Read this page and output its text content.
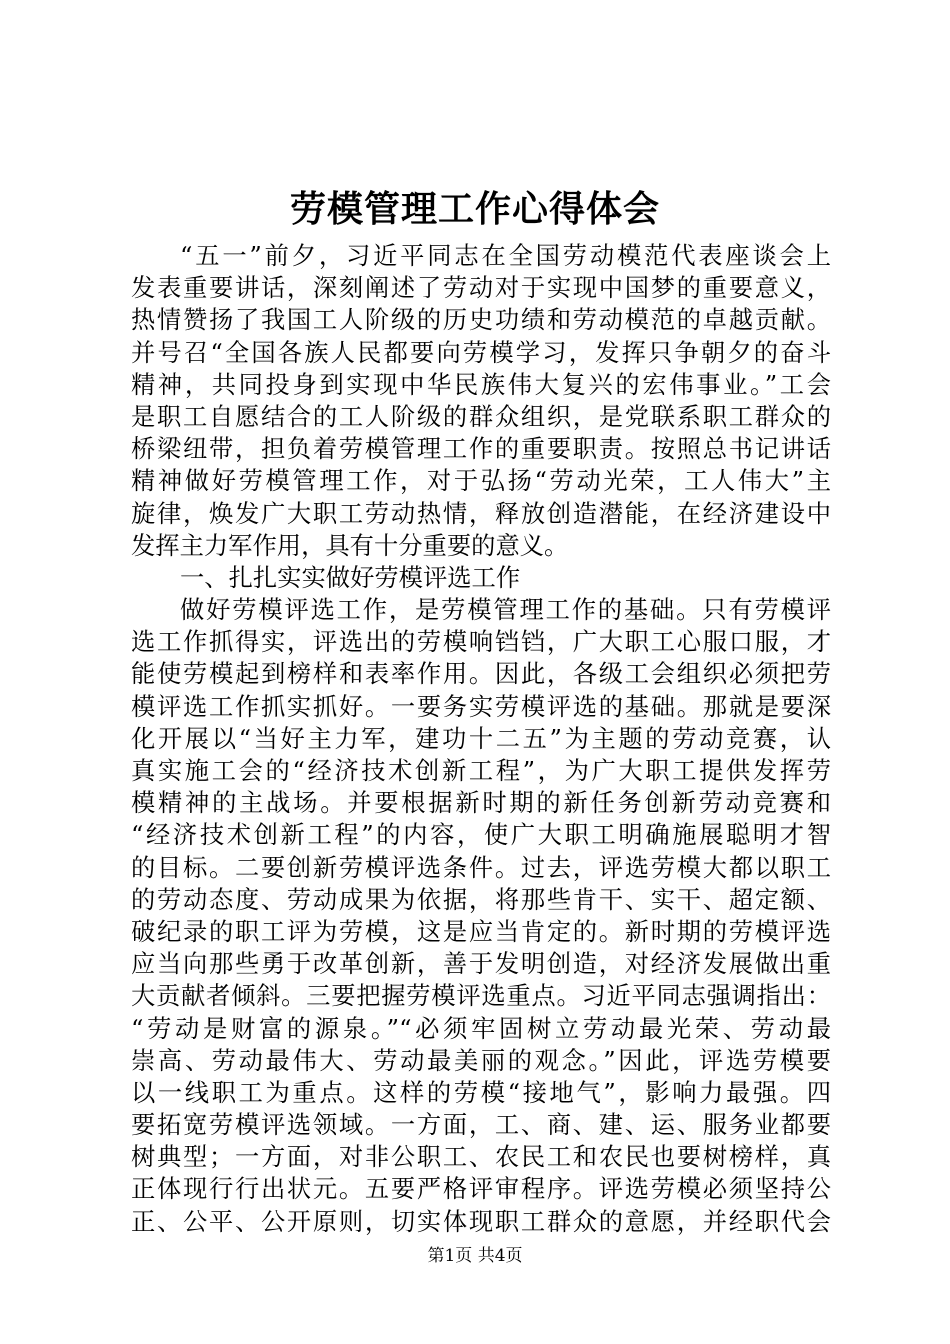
劳模管理工作心得体会
“五一”前夕，习近平同志在全国劳动模范代表座谈会上
发表重要讲话，深刻阐述了劳动对于实现中国梦的重要意义，
热情赞扬了我国工人阶级的历史功绩和劳动模范的卓越贡献。
并号召“全国各族人民都要向劳模学习，发挥只争朝夕的奋斗
精神，共同投身到实现中华民族伟大复兴的宏伟事业。”工会
是职工自愿结合的工人阶级的群众组织，是党联系职工群众的
桥梁纽带，担负着劳模管理工作的重要职责。按照总书记讲话
精神做好劳模管理工作，对于弘扬“劳动光荣，工人伟大”主
旋律，焕发广大职工劳动热情，释放创造潜能，在经济建设中
发挥主力军作用，具有十分重要的意义。
一、扎扎实实做好劳模评选工作
做好劳模评选工作，是劳模管理工作的基础。只有劳模评
选工作抓得实，评选出的劳模响铛铛，广大职工心服口服，才
能使劳模起到榜样和表率作用。因此，各级工会组织必须把劳
模评选工作抓实抓好。一要务实劳模评选的基础。那就是要深
化开展以“当好主力军，建功十二五”为主题的劳动竞赛，认
真实施工会的“经济技术创新工程”，为广大职工提供发挥劳
模精神的主战场。并要根据新时期的新任务创新劳动竞赛和
“经济技术创新工程”的内容，使广大职工明确施展聪明才智
的目标。二要创新劳模评选条件。过去，评选劳模大都以职工
的劳动态度、劳动成果为依据，将那些肯干、实干、超定额、
破纪录的职工评为劳模，这是应当肯定的。新时期的劳模评选
应当向那些勇于改革创新，善于发明创造，对经济发展做出重
大贡献者倾斜。三要把握劳模评选重点。习近平同志强调指出：
“劳动是财富的源泉。”“必须牢固树立劳动最光荣、劳动最
崇高、劳动最伟大、劳动最美丽的观念。”因此，评选劳模要
以一线职工为重点。这样的劳模“接地气”，影响力最强。四
要拓宽劳模评选领域。一方面，工、商、建、运、服务业都要
树典型；一方面，对非公职工、农民工和农民也要树榜样，真
正体现行行出状元。五要严格评审程序。评选劳模必须坚持公
正、公平、公开原则，切实体现职工群众的意愿，并经职代会
第1页 共4页
